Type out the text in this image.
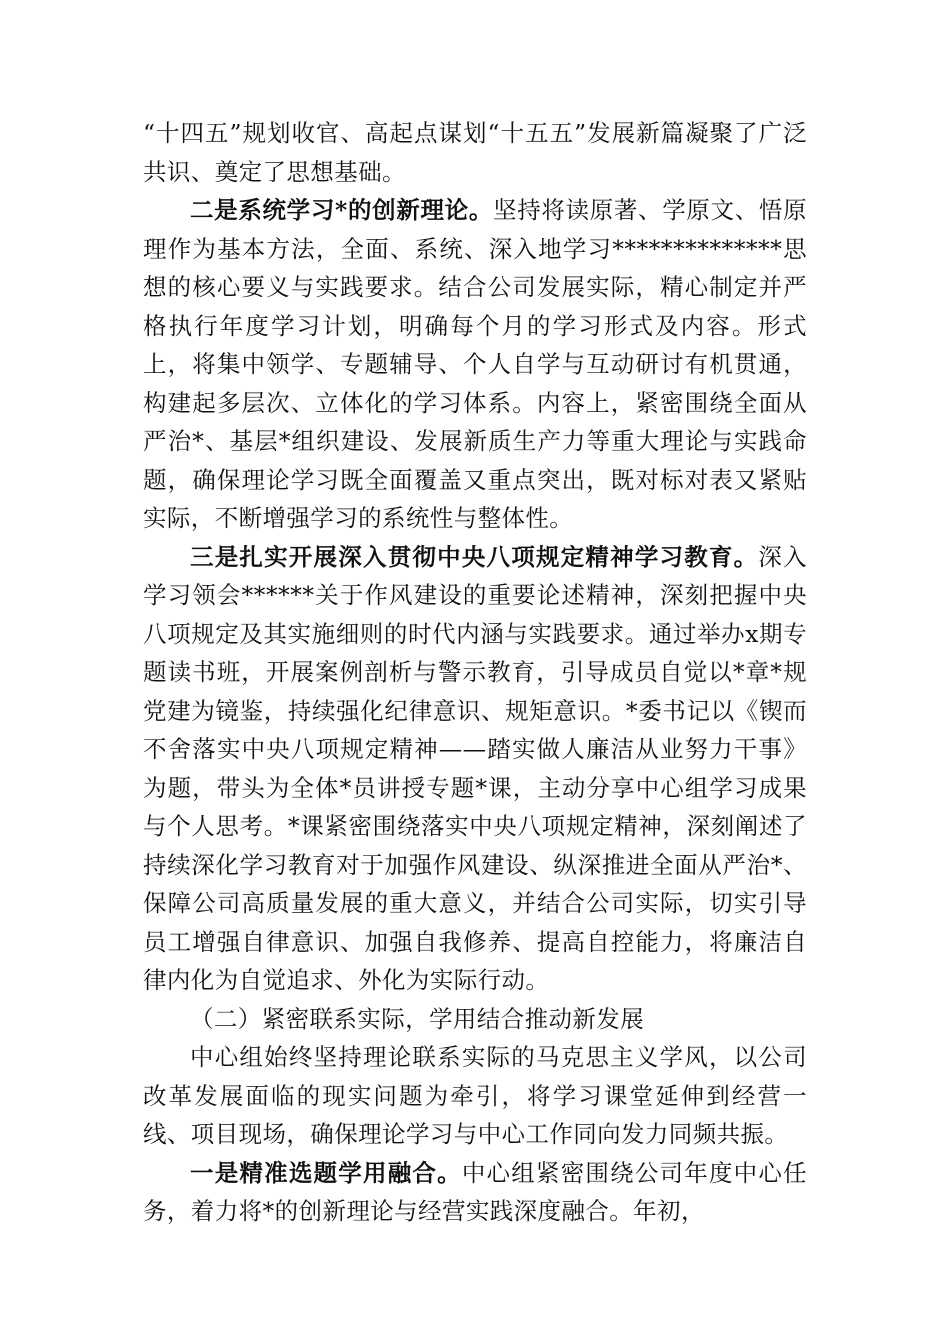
“十四五”规划收官、高起点谋划“十五五”发展新篇凝聚了广泛共识、奠定了思想基础。

二是系统学习*的创新理论。坚持将读原著、学原文、悟原理作为基本方法，全面、系统、深入地学习**************思想的核心要义与实践要求。结合公司发展实际，精心制定并严格执行年度学习计划，明确每个月的学习形式及内容。形式上，将集中领学、专题辅导、个人自学与互动研讨有机贯通，构建起多层次、立体化的学习体系。内容上，紧密围绕全面从严治*、基层*组织建设、发展新质生产力等重大理论与实践命题，确保理论学习既全面覆盖又重点突出，既对标对表又紧贴实际，不断增强学习的系统性与整体性。

三是扎实开展深入贯彻中央八项规定精神学习教育。深入学习领会******关于作风建设的重要论述精神，深刻把握中央八项规定及其实施细则的时代内涵与实践要求。通过举办x期专题读书班，开展案例剖析与警示教育，引导成员自觉以*章*规党建为镜鉴，持续强化纪律意识、规矩意识。*委书记以《锲而不舍落实中央八项规定精神——踏实做人廉洁从业努力干事》为题，带头为全体*员讲授专题*课，主动分享中心组学习成果与个人思考。*课紧密围绕落实中央八项规定精神，深刻阐述了持续深化学习教育对于加强作风建设、纵深推进全面从严治*、保障公司高质量发展的重大意义，并结合公司实际，切实引导员工增强自律意识、加强自我修养、提高自控能力，将廉洁自律内化为自觉追求、外化为实际行动。

（二）紧密联系实际，学用结合推动新发展

中心组始终坚持理论联系实际的马克思主义学风，以公司改革发展面临的现实问题为牵引，将学习课堂延伸到经营一线、项目现场，确保理论学习与中心工作同向发力同频共振。

一是精准选题学用融合。中心组紧密围绕公司年度中心任务，着力将*的创新理论与经营实践深度融合。年初，
